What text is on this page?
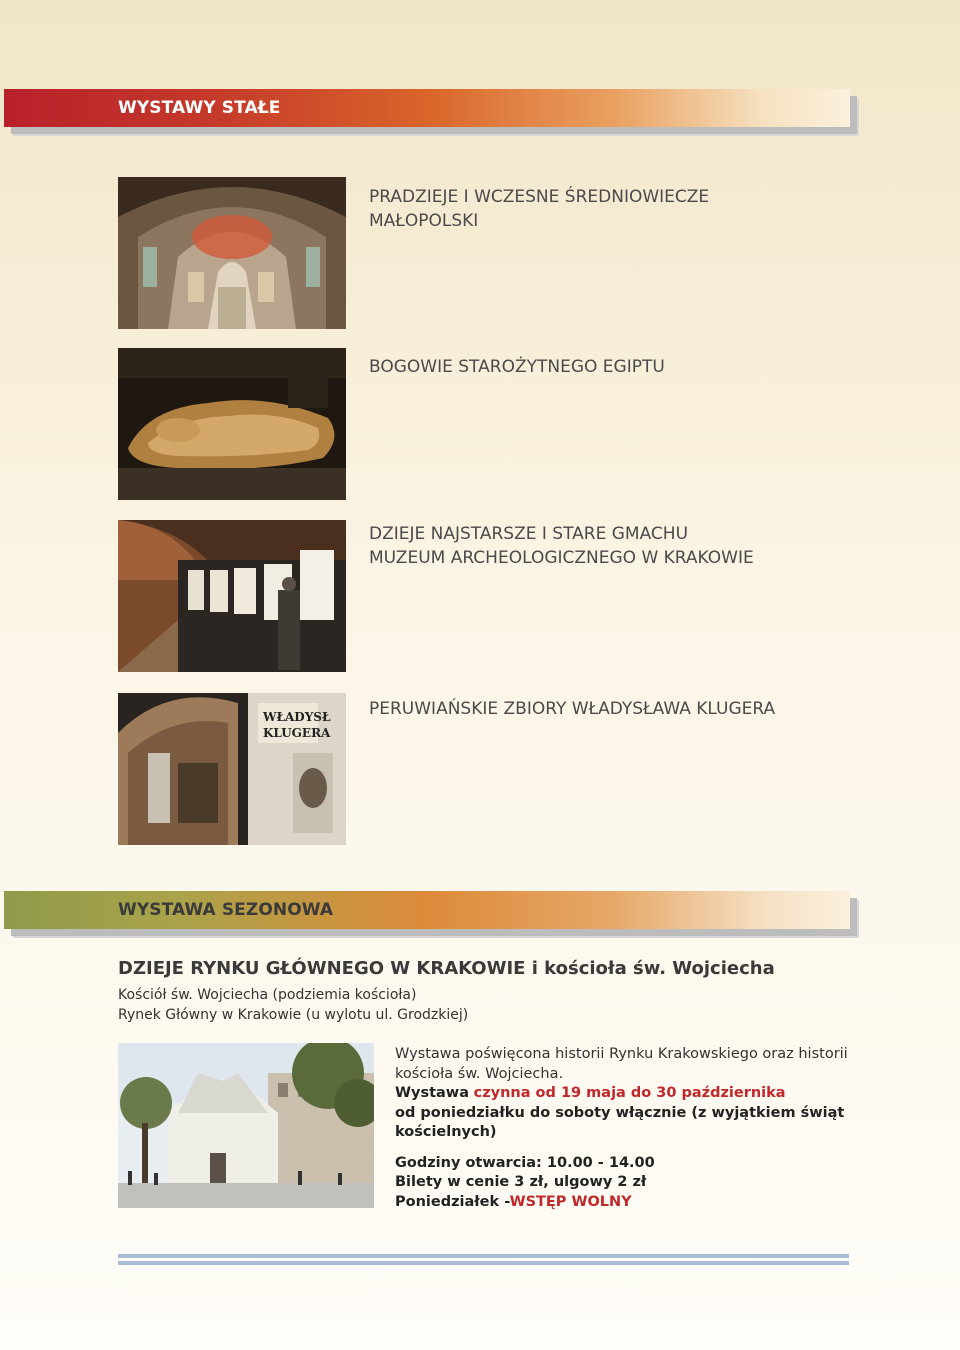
WYSTAWY STAŁE
PRADZIEJE I WCZESNE ŚREDNIOWIECZE
MAŁOPOLSKI
BOGOWIE STAROŻYTNEGO EGIPTU
DZIEJE NAJSTARSZE I STARE GMACHU
MUZEUM ARCHEOLOGICZNEGO W KRAKOWIE
WŁADYSŁ
KLUGERA
PERUWIAŃSKIE ZBIORY WŁADYSŁAWA KLUGERA
WYSTAWA SEZONOWA
DZIEJE RYNKU GŁÓWNEGO W KRAKOWIE i kościoła św. Wojciecha
Kościół św. Wojciecha (podziemia kościoła)
Rynek Główny w Krakowie (u wylotu ul. Grodzkiej)
Wystawa poświęcona historii Rynku Krakowskiego oraz historii
kościoła św. Wojciecha.
Wystawa czynna od 19 maja do 30 października
od poniedziałku do soboty włącznie (z wyjątkiem świąt
kościelnych)
Godziny otwarcia: 10.00 - 14.00
Bilety w cenie 3 zł, ulgowy 2 zł
Poniedziałek -WSTĘP WOLNY
